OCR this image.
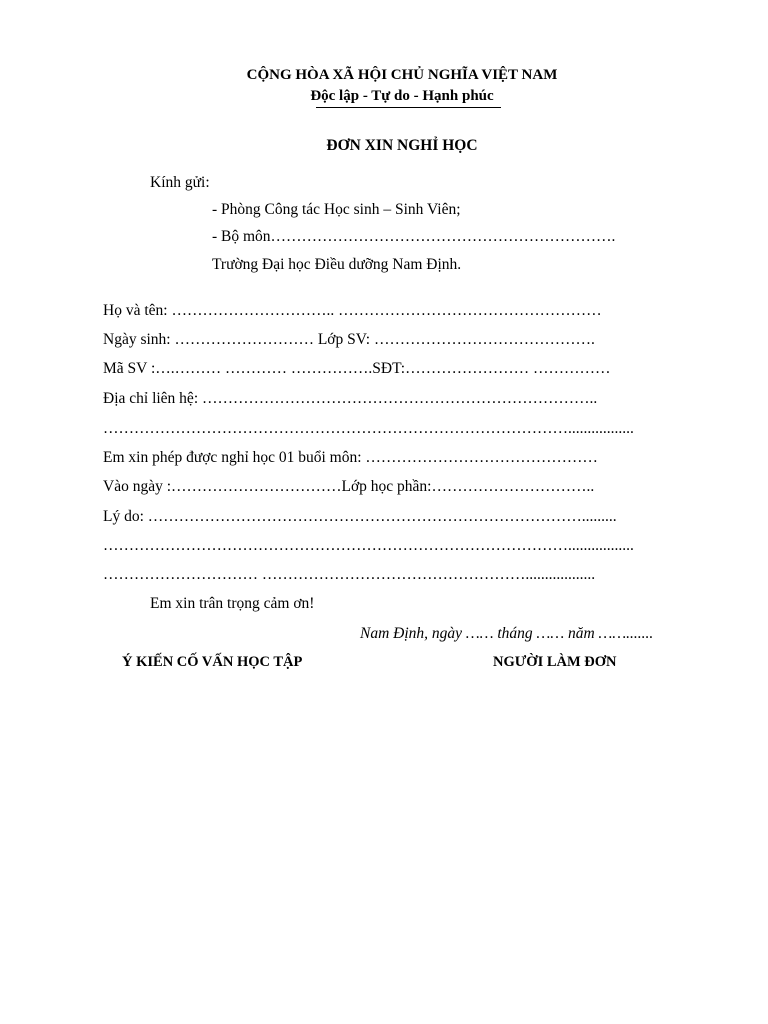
CỘNG HÒA XÃ HỘI CHỦ NGHĨA VIỆT NAM
Độc lập - Tự do - Hạnh phúc
ĐƠN XIN NGHỈ HỌC
Kính gửi:
- Phòng Công tác Học sinh – Sinh Viên;
- Bộ môn………………………………………………………….
Trường Đại học Điều dưỡng Nam Định.
Họ và tên: ………………………….. ……………………………………………
Ngày sinh: ……………………… Lớp SV: …………………………………….
Mã SV :….……… ………… …………….SĐT:…………………… ……………
Địa chỉ liên hệ: …………………………………………………………………..
……………………………………………………………………………….................
Em xin phép được nghỉ học 01 buổi môn: ………………………………………
Vào ngày :……………………………Lớp học phần:…………………………..
Lý do: ………………………………………………………………………….........
……………………………………………………………………………….................
………………………… ……………………………………………..................
Em xin trân trọng cảm ơn!
Nam Định, ngày …… tháng …… năm …….......
Ý KIẾN CỐ VẤN HỌC TẬP	NGƯỜI LÀM ĐƠN
